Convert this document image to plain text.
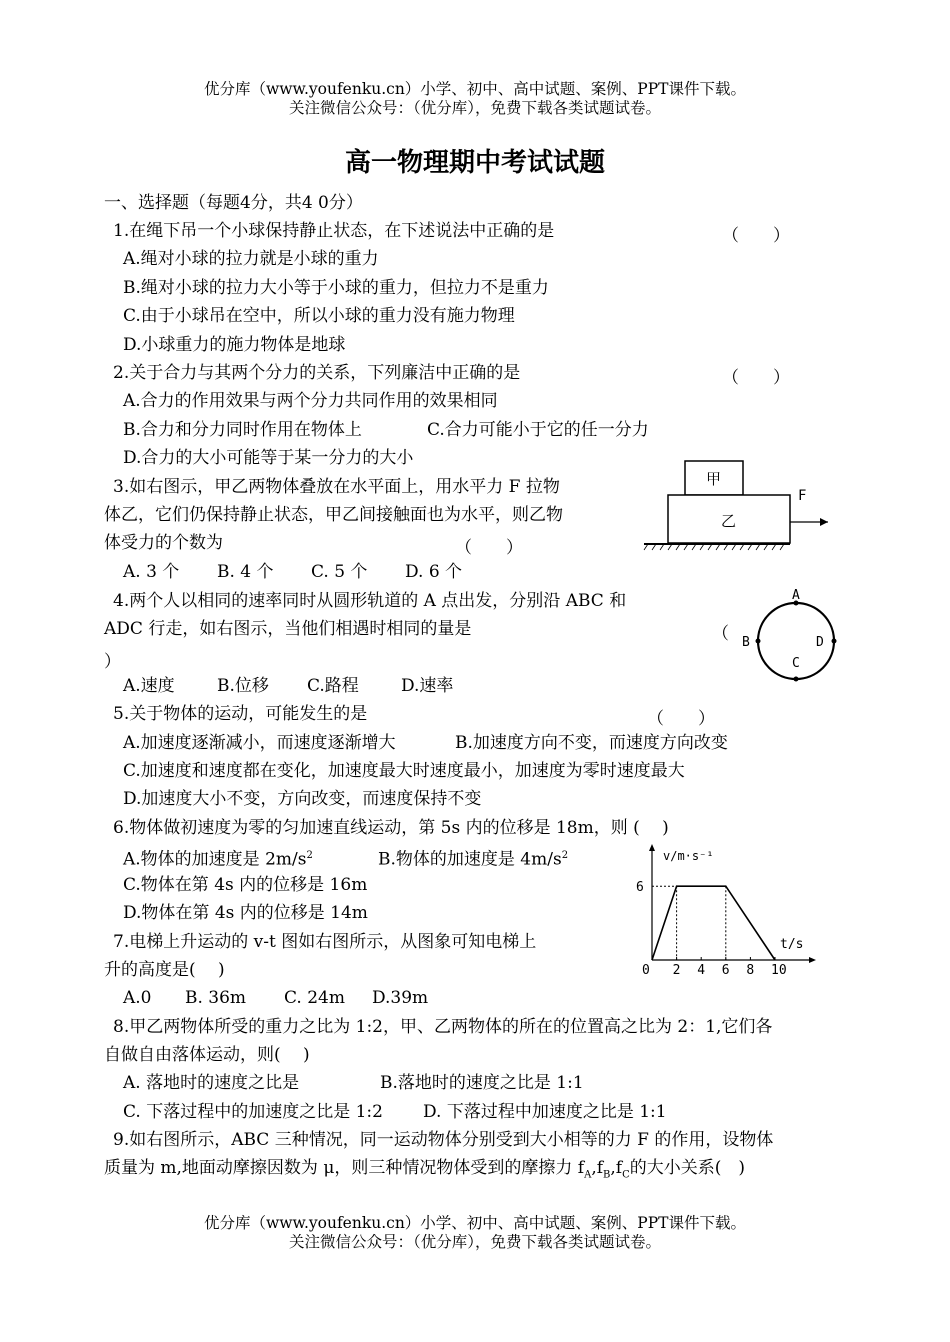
优分库（www.youfenku.cn）小学、初中、高中试题、案例、PPT课件下载。
关注微信公众号：（优分库），免费下载各类试题试卷。
高一物理期中考试试题
一、选择题（每题4分，共4 0分）
1.在绳下吊一个小球保持静止状态，在下述说法中正确的是	（　　）
A.绳对小球的拉力就是小球的重力
B.绳对小球的拉力大小等于小球的重力，但拉力不是重力
C.由于小球吊在空中，所以小球的重力没有施力物理
D.小球重力的施力物体是地球
2.关于合力与其两个分力的关系，下列廉洁中正确的是	（　　）
A.合力的作用效果与两个分力共同作用的效果相同
B.合力和分力同时作用在物体上	C.合力可能小于它的任一分力
D.合力的大小可能等于某一分力的大小
3.如右图示，甲乙两物体叠放在水平面上，用水平力 F 拉物
体乙，它们仍保持静止状态，甲乙间接触面也为水平，则乙物
体受力的个数为	（　　）
A. 3 个 B. 4 个 C. 5 个 D. 6 个
甲
乙
F
4.两个人以相同的速率同时从圆形轨道的 A 点出发，分别沿 ABC 和
ADC 行走，如右图示，当他们相遇时相同的量是	（
）
A.速度 B.位移 C.路程 D.速率
A
B
C
D
5.关于物体的运动，可能发生的是	（　　）
A.加速度逐渐减小，而速度逐渐增大	B.加速度方向不变，而速度方向改变
C.加速度和速度都在变化，加速度最大时速度最小，加速度为零时速度最大
D.加速度大小不变，方向改变，而速度保持不变
6.物体做初速度为零的匀加速直线运动，第 5s 内的位移是 18m，则 (　 )
A.物体的加速度是 $2m/s^2$	B.物体的加速度是 $4m/s^2$
C.物体在第 4s 内的位移是 16m
D.物体在第 4s 内的位移是 14m
7.电梯上升运动的 v-t 图如右图所示，从图象可知电梯上
升的高度是(　 )
A.0 B. 36m C. 24m D.39m
v/m·s⁻¹
t/s
0 2 4 6 8 10
6
8.甲乙两物体所受的重力之比为 1:2，甲、乙两物体的所在的位置高之比为 2：1,它们各
自做自由落体运动，则(　 )
A. 落地时的速度之比是	B.落地时的速度之比是 1:1
C. 下落过程中的加速度之比是 1:2 D. 下落过程中加速度之比是 1:1
9.如右图所示，ABC 三种情况，同一运动物体分别受到大小相等的力 F 的作用，设物体
质量为 m,地面动摩擦因数为 μ，则三种情况物体受到的摩擦力 $f_A,f_B,f_C$的大小关系(　)
优分库（www.youfenku.cn）小学、初中、高中试题、案例、PPT课件下载。
关注微信公众号：（优分库），免费下载各类试题试卷。
